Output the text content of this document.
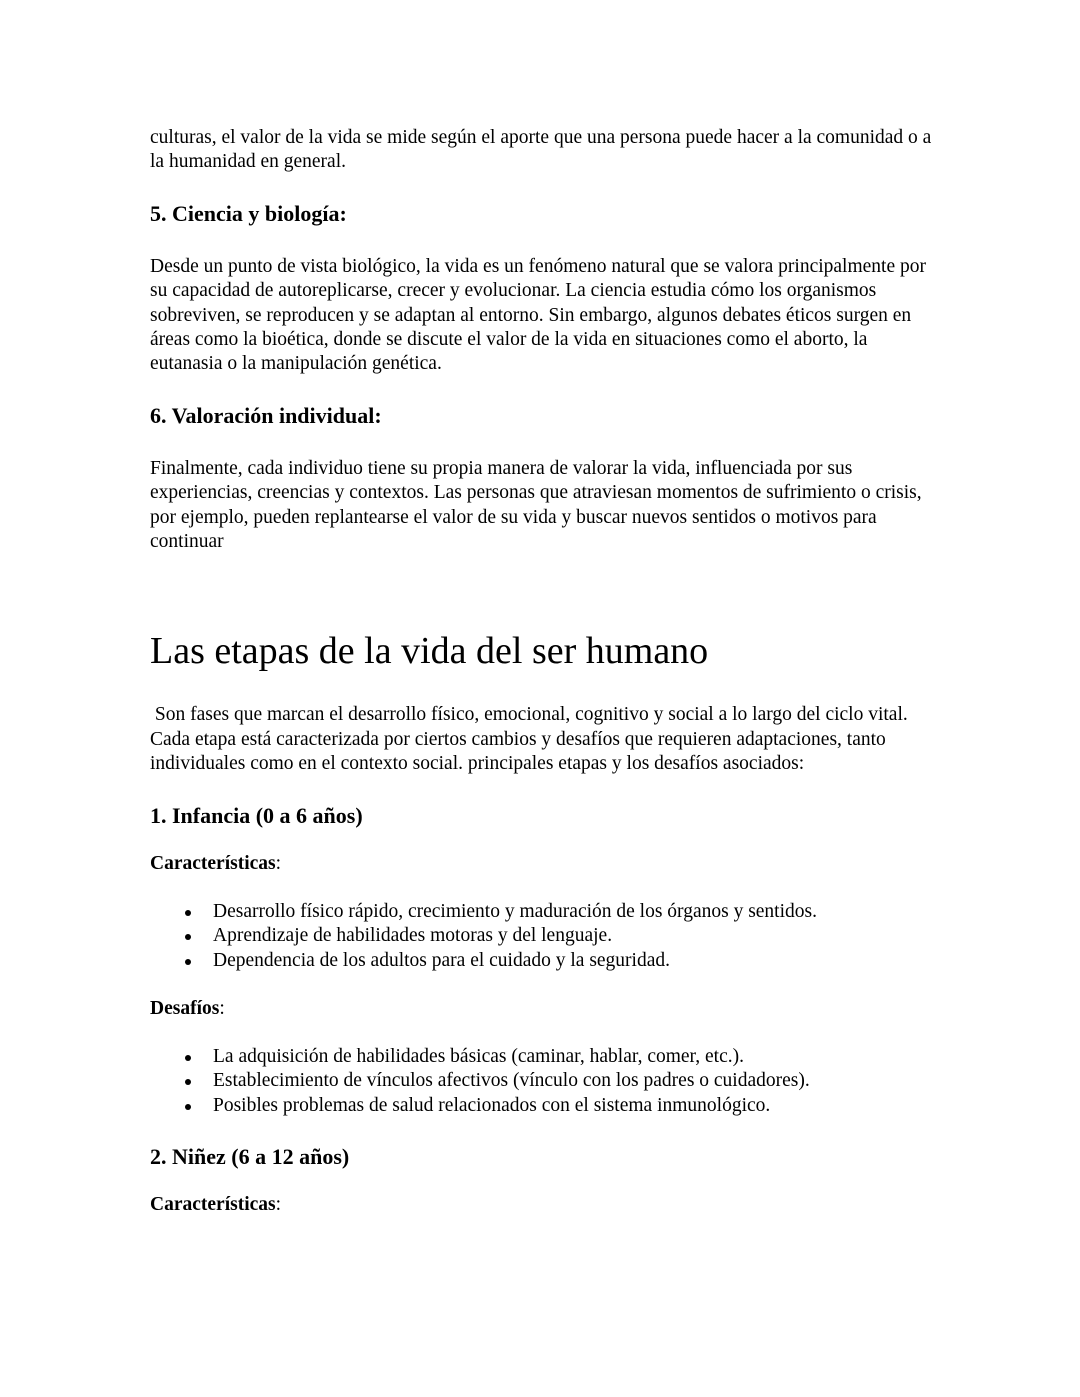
culturas, el valor de la vida se mide según el aporte que una persona puede hacer a la comunidad o a la humanidad en general.

5. Ciencia y biología:

Desde un punto de vista biológico, la vida es un fenómeno natural que se valora principalmente por su capacidad de autoreplicarse, crecer y evolucionar. La ciencia estudia cómo los organismos sobreviven, se reproducen y se adaptan al entorno. Sin embargo, algunos debates éticos surgen en áreas como la bioética, donde se discute el valor de la vida en situaciones como el aborto, la eutanasia o la manipulación genética.

6. Valoración individual:

Finalmente, cada individuo tiene su propia manera de valorar la vida, influenciada por sus experiencias, creencias y contextos. Las personas que atraviesan momentos de sufrimiento o crisis, por ejemplo, pueden replantearse el valor de su vida y buscar nuevos sentidos o motivos para continuar

Las etapas de la vida del ser humano

Son fases que marcan el desarrollo físico, emocional, cognitivo y social a lo largo del ciclo vital. Cada etapa está caracterizada por ciertos cambios y desafíos que requieren adaptaciones, tanto individuales como en el contexto social. principales etapas y los desafíos asociados:

1. Infancia (0 a 6 años)
Características:
Desarrollo físico rápido, crecimiento y maduración de los órganos y sentidos.
Aprendizaje de habilidades motoras y del lenguaje.
Dependencia de los adultos para el cuidado y la seguridad.
Desafíos:
La adquisición de habilidades básicas (caminar, hablar, comer, etc.).
Establecimiento de vínculos afectivos (vínculo con los padres o cuidadores).
Posibles problemas de salud relacionados con el sistema inmunológico.
2. Niñez (6 a 12 años)
Características:
